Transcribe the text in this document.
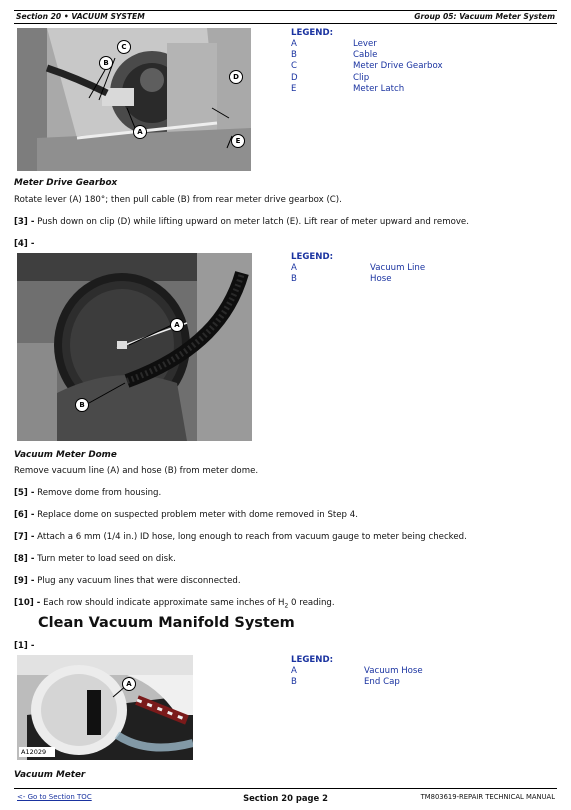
Section 20 • VACUUM SYSTEM	Group 05: Vacuum Meter System
C
B
D
A
E
LEGEND:
A	Lever
B	Cable
C	Meter Drive Gearbox
D	Clip
E	Meter Latch
Meter Drive Gearbox
Rotate lever (A) 180°; then pull cable (B) from rear meter drive gearbox (C).
[3] - Push down on clip (D) while lifting upward on meter latch (E). Lift rear of meter upward and remove.
[4] -
A
B
LEGEND:
A	Vacuum Line
B	Hose
Vacuum Meter Dome
Remove vacuum line (A) and hose (B) from meter dome.
[5] - Remove dome from housing.
[6] - Replace dome on suspected problem meter with dome removed in Step 4.
[7] - Attach a 6 mm (1/4 in.) ID hose, long enough to reach from vacuum gauge to meter being checked.
[8] - Turn meter to load seed on disk.
[9] - Plug any vacuum lines that were disconnected.
[10] - Each row should indicate approximate same inches of $H_2$ 0 reading.
Clean Vacuum Manifold System
[1] -
A
A12029
LEGEND:
A	Vacuum Hose
B	End Cap
Vacuum Meter
<- Go to Section TOC	Section 20 page 2	TM803619-REPAIR TECHNICAL MANUAL
